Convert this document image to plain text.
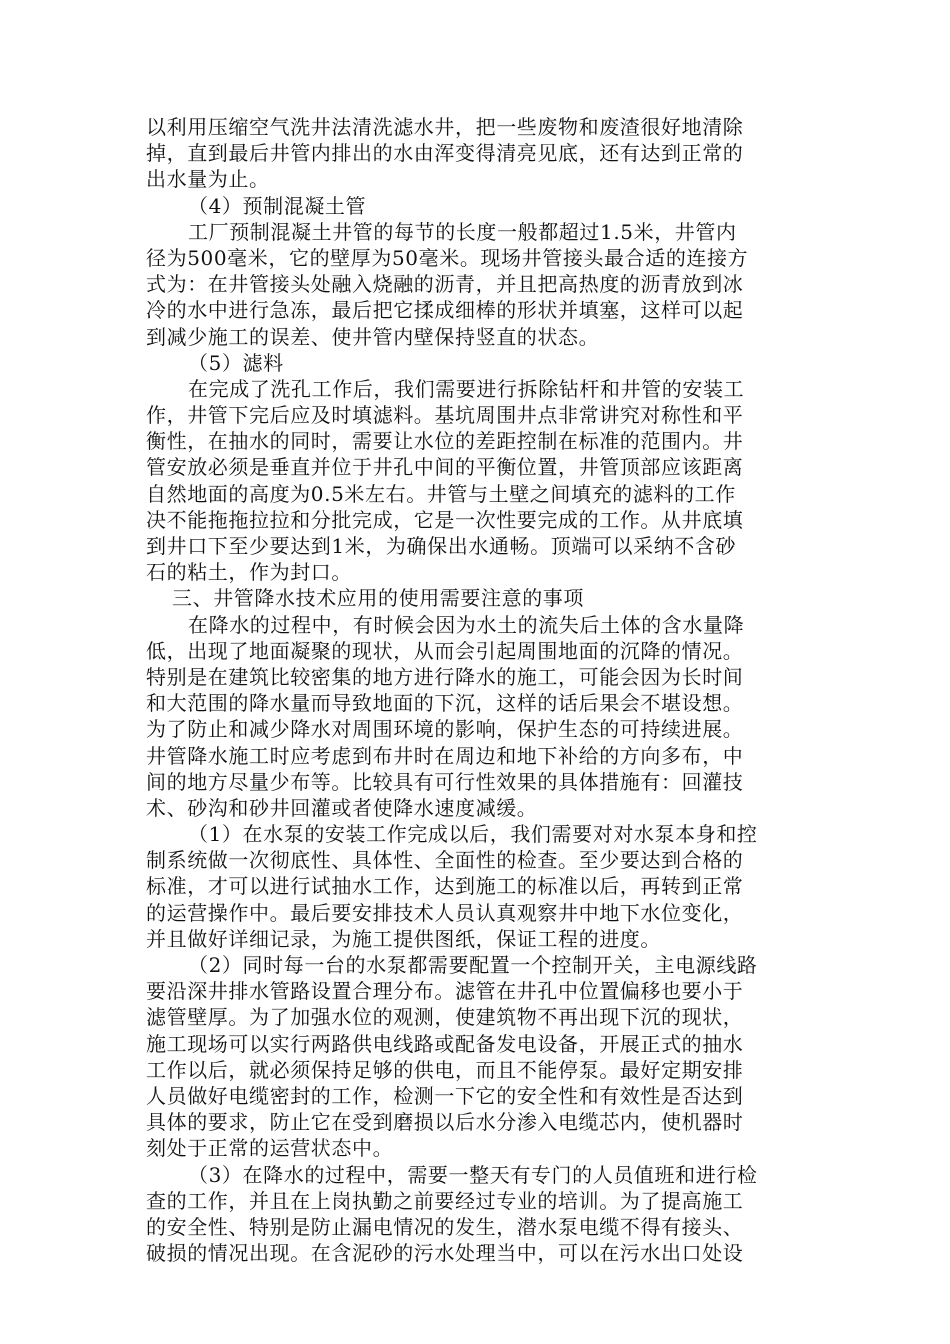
以利用压缩空气洗井法清洗滤水井，把一些废物和废渣很好地清除
掉，直到最后井管内排出的水由浑变得清亮见底，还有达到正常的
出水量为止。
（4）预制混凝土管
工厂预制混凝土井管的每节的长度一般都超过1.5米，井管内
径为500毫米，它的壁厚为50毫米。现场井管接头最合适的连接方
式为：在井管接头处融入烧融的沥青，并且把高热度的沥青放到冰
冷的水中进行急冻，最后把它揉成细棒的形状并填塞，这样可以起
到减少施工的误差、使井管内壁保持竖直的状态。
（5）滤料
在完成了洗孔工作后，我们需要进行拆除钻杆和井管的安装工
作，井管下完后应及时填滤料。基坑周围井点非常讲究对称性和平
衡性，在抽水的同时，需要让水位的差距控制在标准的范围内。井
管安放必须是垂直并位于井孔中间的平衡位置，井管顶部应该距离
自然地面的高度为0.5米左右。井管与土壁之间填充的滤料的工作
决不能拖拖拉拉和分批完成，它是一次性要完成的工作。从井底填
到井口下至少要达到1米，为确保出水通畅。顶端可以采纳不含砂
石的粘土，作为封口。
三、井管降水技术应用的使用需要注意的事项
在降水的过程中，有时候会因为水土的流失后土体的含水量降
低，出现了地面凝聚的现状，从而会引起周围地面的沉降的情况。
特别是在建筑比较密集的地方进行降水的施工，可能会因为长时间
和大范围的降水量而导致地面的下沉，这样的话后果会不堪设想。
为了防止和减少降水对周围环境的影响，保护生态的可持续进展。
井管降水施工时应考虑到布井时在周边和地下补给的方向多布，中
间的地方尽量少布等。比较具有可行性效果的具体措施有：回灌技
术、砂沟和砂井回灌或者使降水速度减缓。
（1）在水泵的安装工作完成以后，我们需要对对水泵本身和控
制系统做一次彻底性、具体性、全面性的检查。至少要达到合格的
标准，才可以进行试抽水工作，达到施工的标准以后，再转到正常
的运营操作中。最后要安排技术人员认真观察井中地下水位变化，
并且做好详细记录，为施工提供图纸，保证工程的进度。
（2）同时每一台的水泵都需要配置一个控制开关，主电源线路
要沿深井排水管路设置合理分布。滤管在井孔中位置偏移也要小于
滤管壁厚。为了加强水位的观测，使建筑物不再出现下沉的现状，
施工现场可以实行两路供电线路或配备发电设备，开展正式的抽水
工作以后，就必须保持足够的供电，而且不能停泵。最好定期安排
人员做好电缆密封的工作，检测一下它的安全性和有效性是否达到
具体的要求，防止它在受到磨损以后水分渗入电缆芯内，使机器时
刻处于正常的运营状态中。
（3）在降水的过程中，需要一整天有专门的人员值班和进行检
查的工作，并且在上岗执勤之前要经过专业的培训。为了提高施工
的安全性、特别是防止漏电情况的发生，潜水泵电缆不得有接头、
破损的情况出现。在含泥砂的污水处理当中，可以在污水出口处设
